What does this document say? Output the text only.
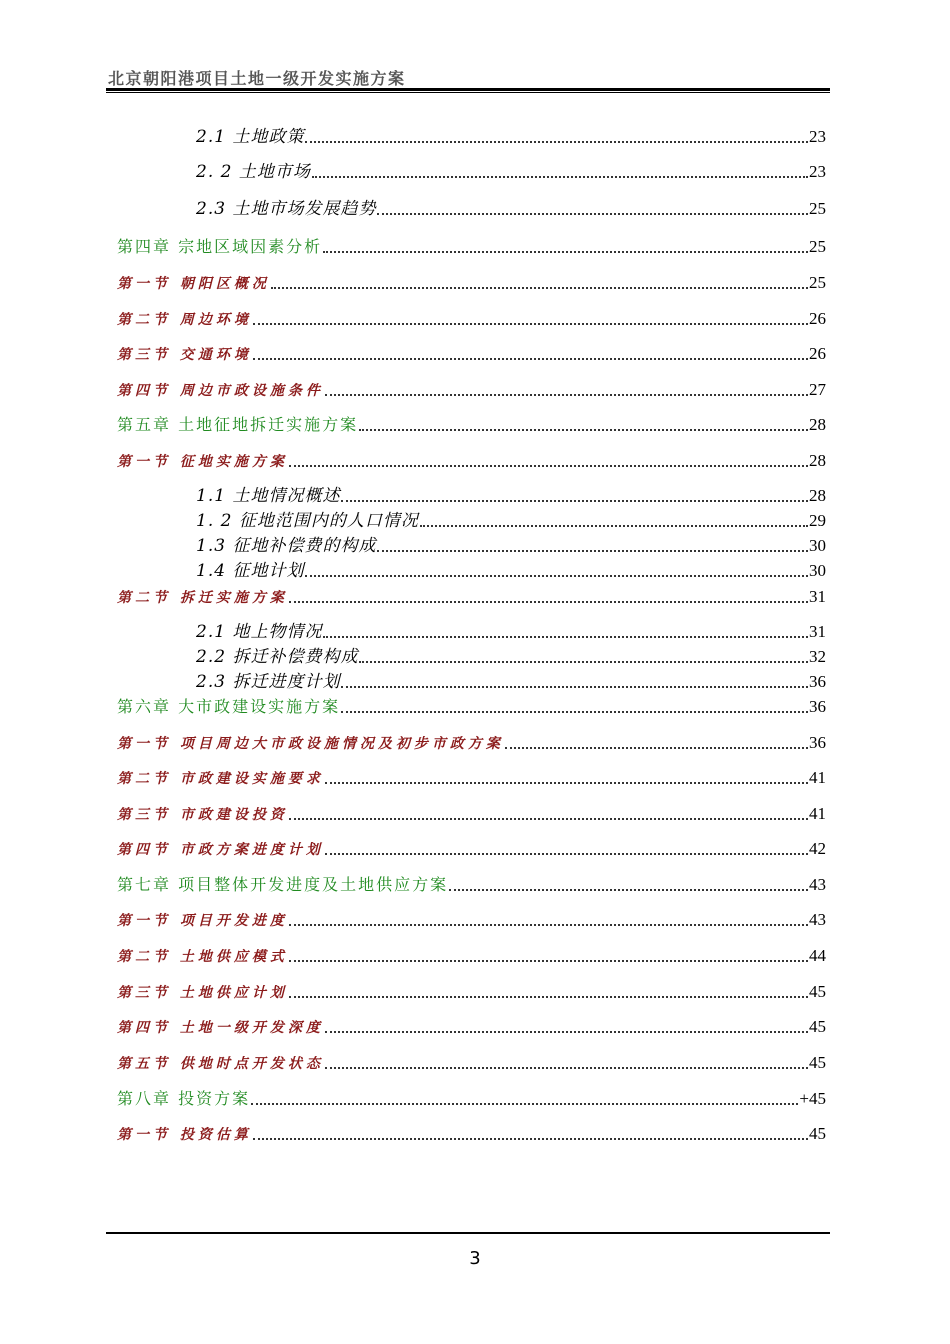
北京朝阳港项目土地一级开发实施方案
2.1 土地政策	23
2. 2 土地市场	23
2.3 土地市场发展趋势	25
第四章 宗地区域因素分析	25
第一节 朝阳区概况	25
第二节 周边环境	26
第三节 交通环境	26
第四节 周边市政设施条件	27
第五章 土地征地拆迁实施方案	28
第一节 征地实施方案	28
1.1 土地情况概述	28
1. 2 征地范围内的人口情况	29
1.3 征地补偿费的构成	30
1.4 征地计划	30
第二节 拆迁实施方案	31
2.1 地上物情况	31
2.2 拆迁补偿费构成	32
2.3 拆迁进度计划	36
第六章 大市政建设实施方案	36
第一节 项目周边大市政设施情况及初步市政方案	36
第二节 市政建设实施要求	41
第三节 市政建设投资	41
第四节 市政方案进度计划	42
第七章 项目整体开发进度及土地供应方案	43
第一节 项目开发进度	43
第二节 土地供应模式	44
第三节 土地供应计划	45
第四节 土地一级开发深度	45
第五节 供地时点开发状态	45
第八章 投资方案	+45
第一节 投资估算	45
3
